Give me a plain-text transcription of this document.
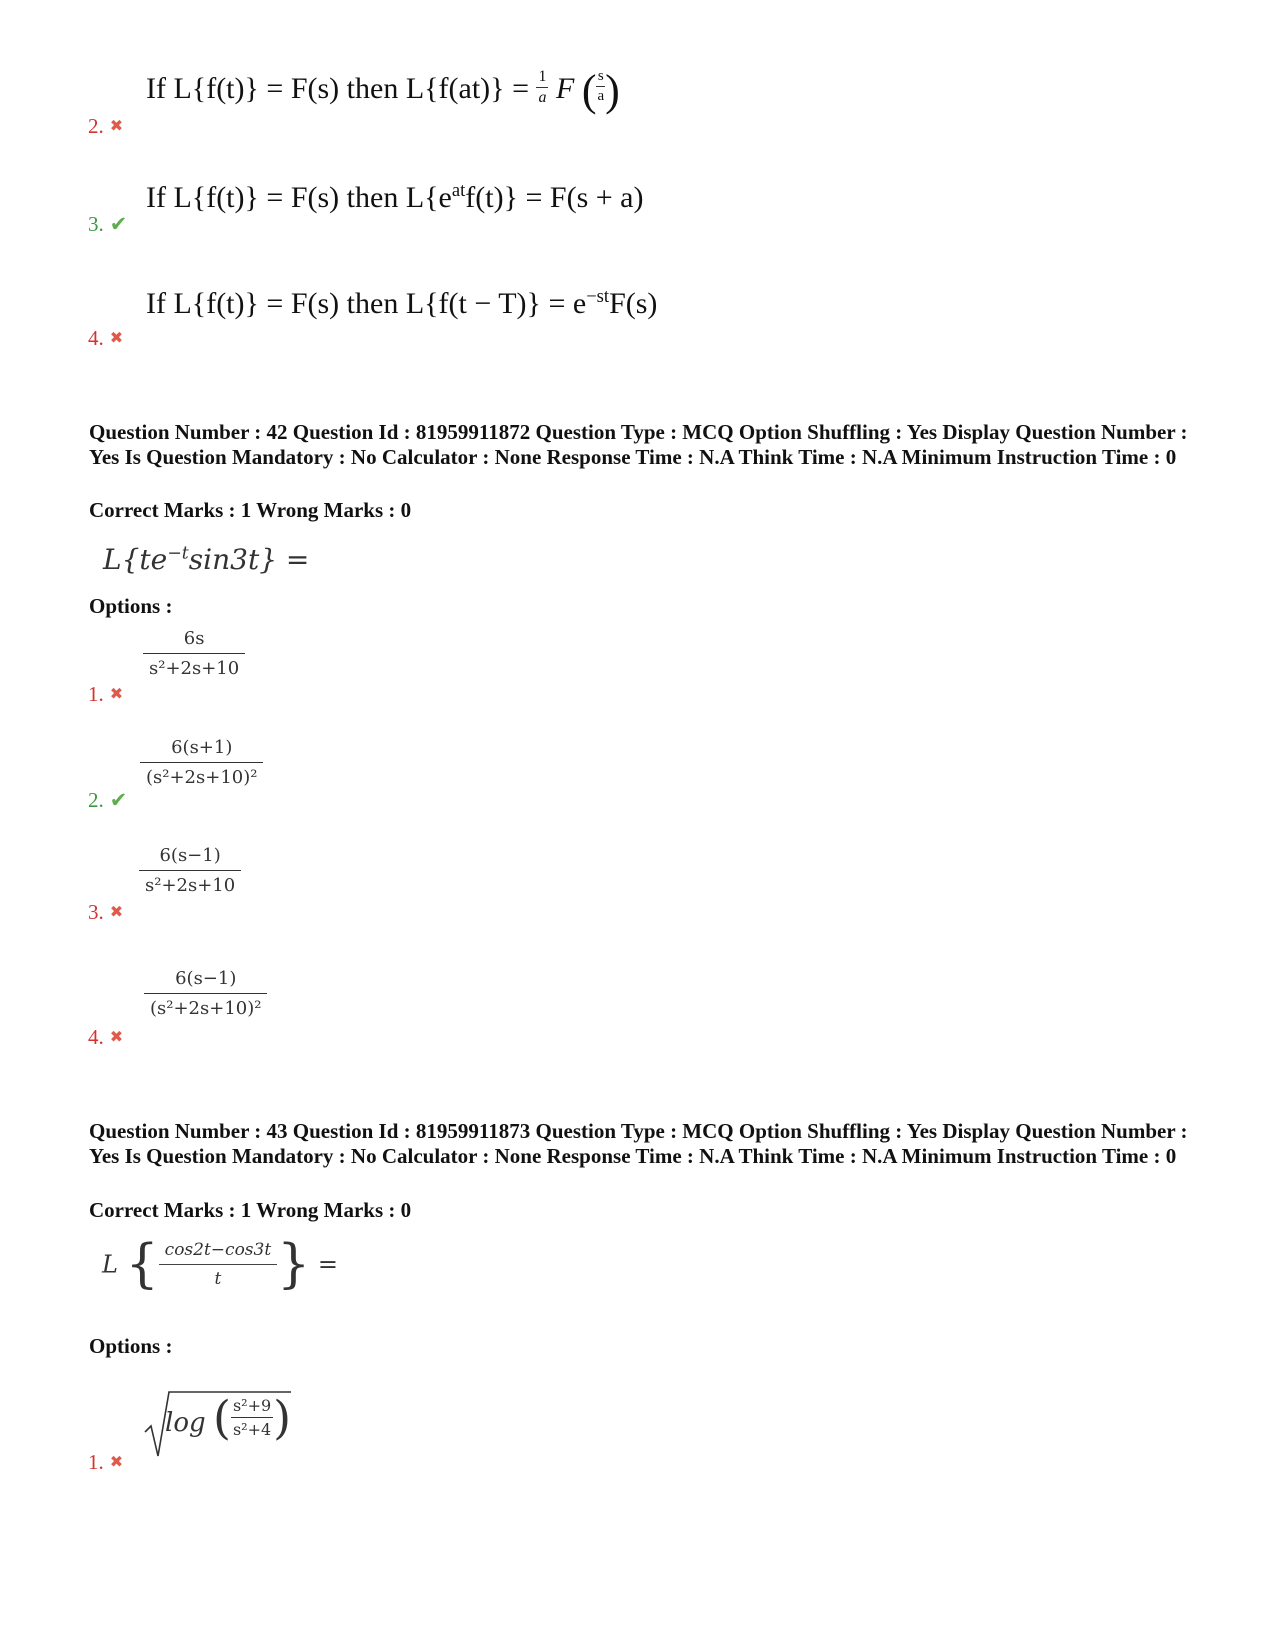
If L{f(t)} = F(s) then $L\{f(at)\} = \frac{1}{a}$ F ( $\frac{s}{a}$ )
2. ✖
If L{f(t)} = F(s) then $L\{e^{at}f(t)\} = F(s + a)$
3. ✔
If L{f(t)} = F(s) then $L\{f(t - T)\} = e^{-st}F(s)$
4. ✖
Question Number : 42 Question Id : 81959911872 Question Type : MCQ Option Shuffling : Yes Display Question Number : Yes Is Question Mandatory : No Calculator : None Response Time : N.A Think Time : N.A Minimum Instruction Time : 0
Correct Marks : 1 Wrong Marks : 0
$L\{te^{-t}\sin 3t\}$ =
Options :
$\frac{6s}{\text{s²+2s+10}}$
1. ✖
$\frac{6(s+1)}{\text{(s²+2s+10)²}}$
2. ✔
$\frac{6(s-1)}{\text{s²+2s+10}}$
3. ✖
$\frac{6(s-1)}{\text{(s²+2s+10)²}}$
4. ✖
Question Number : 43 Question Id : 81959911873 Question Type : MCQ Option Shuffling : Yes Display Question Number : Yes Is Question Mandatory : No Calculator : None Response Time : N.A Think Time : N.A Minimum Instruction Time : 0
Correct Marks : 1 Wrong Marks : 0
L { $\frac{\cos 2t-\cos 3t}{t}$ } =
Options :
log ( $\frac{\text{s²+9}}{\text{s²+4}}$ )
1. ✖
